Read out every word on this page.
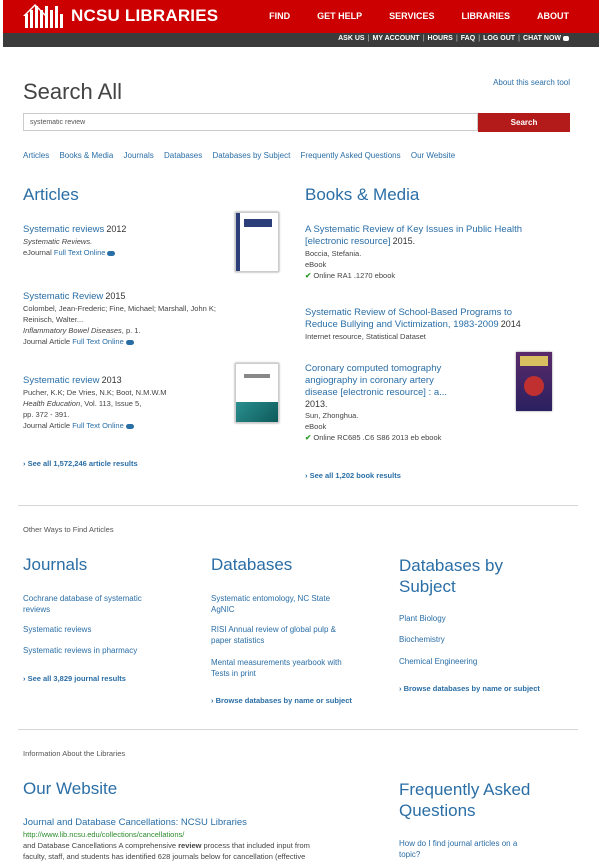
NCSU LIBRARIES	FIND	GET HELP	SERVICES	LIBRARIES	ABOUT
ASK US | MY ACCOUNT | HOURS | FAQ | LOG OUT | CHAT NOW
Search All	About this search tool
systematic review
Search
Articles Books & Media Journals Databases Databases by Subject Frequently Asked Questions Our Website
Articles
Systematic reviews 2012
Systematic Reviews.
eJournal Full Text Online
Systematic Review 2015
Colombel, Jean-Frederic; Fine, Michael; Marshall, John K;
Reinisch, Walter...
Inflammatory Bowel Diseases, p. 1.
Journal Article Full Text Online
Systematic review 2013
Pucher, K.K; De Vries, N.K; Boot, N.M.W.M
Health Education, Vol. 113, Issue 5,
pp. 372 - 391.
Journal Article Full Text Online
› See all 1,572,246 article results
Books & Media
A Systematic Review of Key Issues in Public Health
[electronic resource] 2015.
Boccia, Stefania.
eBook
✔ Online RA1 .1270 ebook
Systematic Review of School-Based Programs to
Reduce Bullying and Victimization, 1983-2009 2014
Internet resource, Statistical Dataset
Coronary computed tomography
angiography in coronary artery
disease [electronic resource] : a...
2013.
Sun, Zhonghua.
eBook
✔ Online RC685 .C6 S86 2013 eb ebook
› See all 1,202 book results
Other Ways to Find Articles
Journals
Cochrane database of systematic
reviews
Systematic reviews
Systematic reviews in pharmacy
› See all 3,829 journal results
Databases
Systematic entomology, NC State
AgNIC
RISI Annual review of global pulp &
paper statistics
Mental measurements yearbook with
Tests in print
› Browse databases by name or subject
Databases by
Subject
Plant Biology
Biochemistry
Chemical Engineering
› Browse databases by name or subject
Information About the Libraries
Our Website
Journal and Database Cancellations: NCSU Libraries
http://www.lib.ncsu.edu/collections/cancellations/
and Database Cancellations A comprehensive review process that included input from
faculty, staff, and students has identified 628 journals below for cancellation (effective
Frequently Asked
Questions
How do I find journal articles on a
topic?
